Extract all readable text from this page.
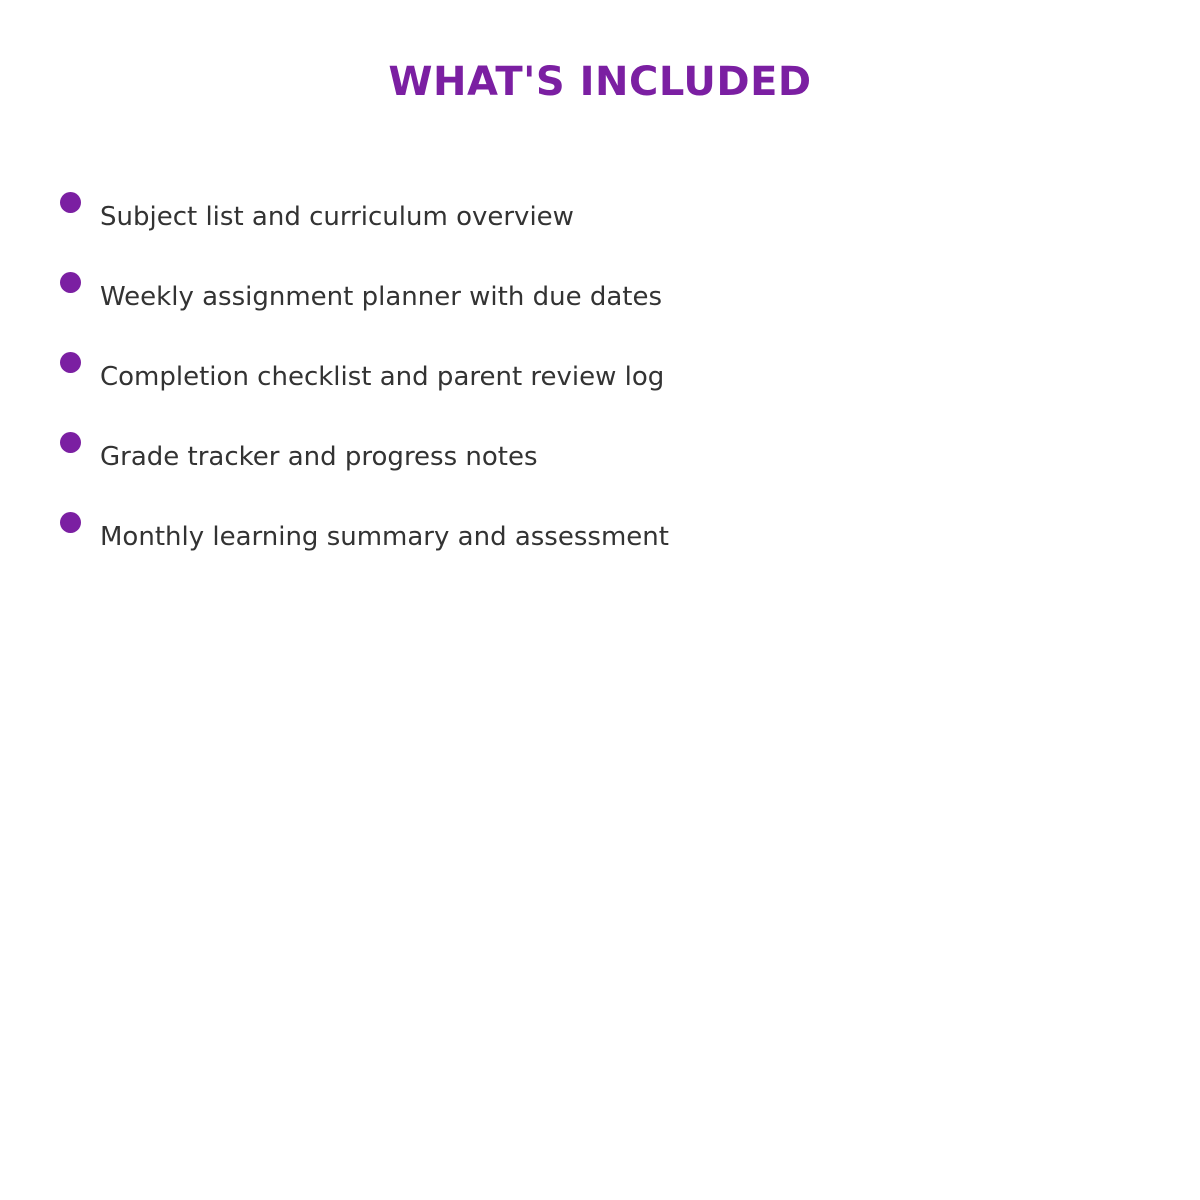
WHAT'S INCLUDED
Subject list and curriculum overview
Weekly assignment planner with due dates
Completion checklist and parent review log
Grade tracker and progress notes
Monthly learning summary and assessment
